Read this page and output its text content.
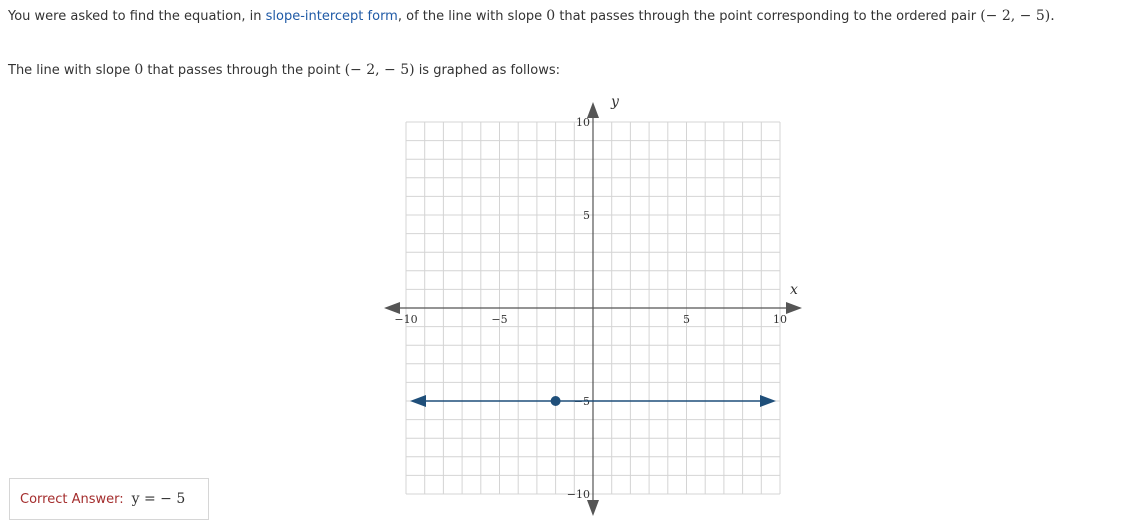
You were asked to find the equation, in slope-intercept form, of the line with slope 0 that passes through the point corresponding to the ordered pair (− 2, − 5).
The line with slope 0 that passes through the point (− 2, − 5) is graphed as follows:
x
y
−10	−5	5	10
−10
−5
5
10
Correct Answer: y = − 5
